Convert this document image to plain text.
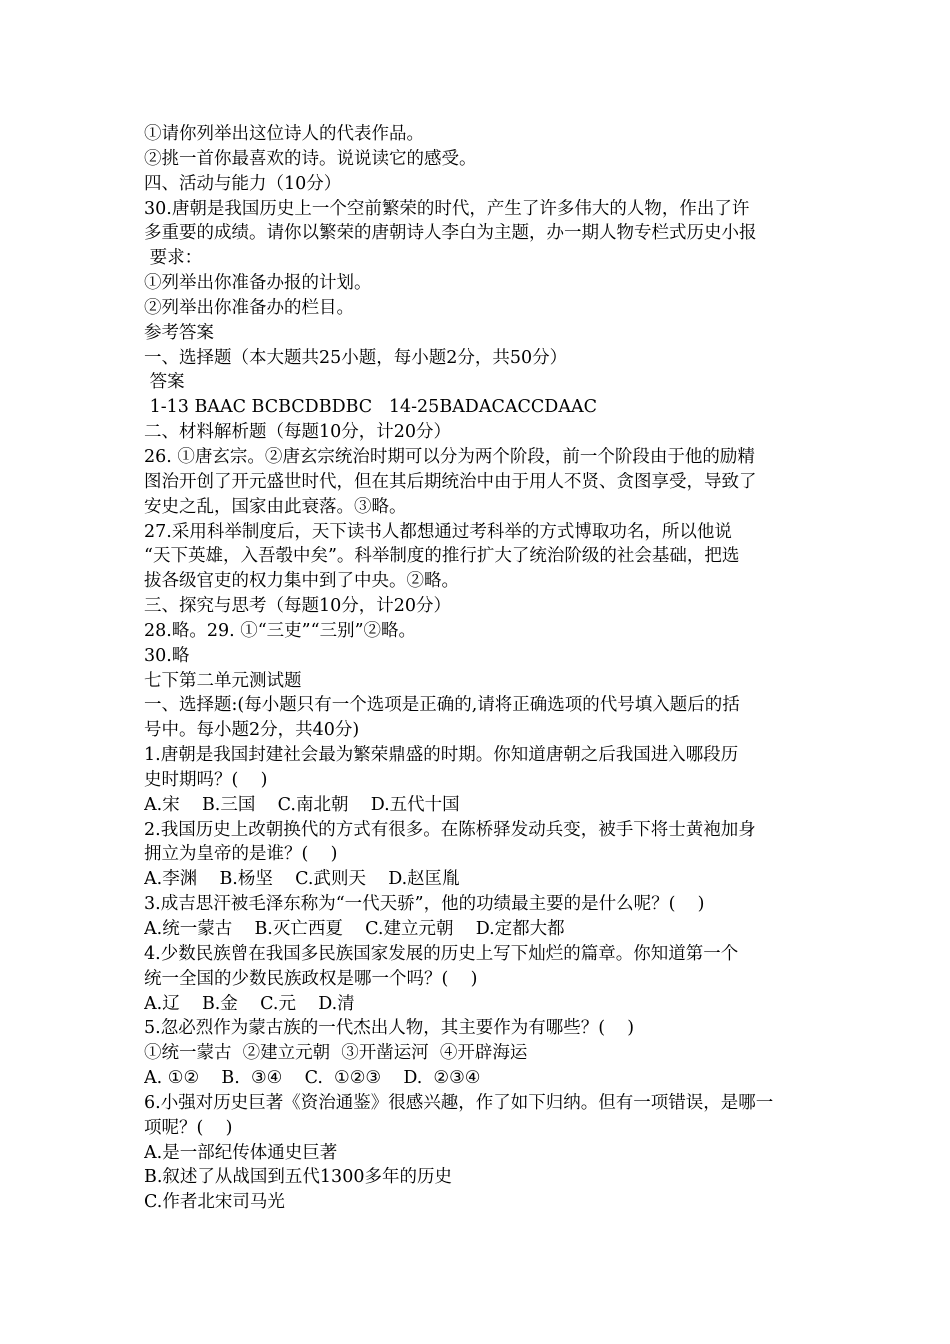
①请你列举出这位诗人的代表作品。
②挑一首你最喜欢的诗。说说读它的感受。
四、活动与能力（10分）
30.唐朝是我国历史上一个空前繁荣的时代，产生了许多伟大的人物，作出了许
多重要的成绩。请你以繁荣的唐朝诗人李白为主题，办一期人物专栏式历史小报
要求：
①列举出你准备办报的计划。
②列举出你准备办的栏目。
参考答案
一、选择题（本大题共25小题，每小题2分，共50分）
答案
1-13 BAAC BCBCDBDBC   14-25BADACACCDAAC
二、材料解析题（每题10分，计20分）
26. ①唐玄宗。②唐玄宗统治时期可以分为两个阶段，前一个阶段由于他的励精
图治开创了开元盛世时代，但在其后期统治中由于用人不贤、贪图享受，导致了
安史之乱，国家由此衰落。③略。
27.采用科举制度后，天下读书人都想通过考科举的方式博取功名，所以他说
“天下英雄，入吾彀中矣”。科举制度的推行扩大了统治阶级的社会基础，把选
拔各级官吏的权力集中到了中央。②略。
三、探究与思考（每题10分，计20分）
28.略。29. ①“三吏”“三别”②略。
30.略
七下第二单元测试题
一、选择题:(每小题只有一个选项是正确的,请将正确选项的代号填入题后的括
号中。每小题2分，共40分)
1.唐朝是我国封建社会最为繁荣鼎盛的时期。你知道唐朝之后我国进入哪段历
史时期吗？(    )
A.宋    B.三国    C.南北朝    D.五代十国
2.我国历史上改朝换代的方式有很多。在陈桥驿发动兵变，被手下将士黄袍加身
拥立为皇帝的是谁？(    )
A.李渊    B.杨坚    C.武则天    D.赵匡胤
3.成吉思汗被毛泽东称为“一代天骄”，他的功绩最主要的是什么呢？(    )
A.统一蒙古    B.灭亡西夏    C.建立元朝    D.定都大都
4.少数民族曾在我国多民族国家发展的历史上写下灿烂的篇章。你知道第一个
统一全国的少数民族政权是哪一个吗？(    )
A.辽    B.金    C.元    D.清
5.忽必烈作为蒙古族的一代杰出人物，其主要作为有哪些？(    )
①统一蒙古  ②建立元朝  ③开凿运河  ④开辟海运
A. ①②    B.  ③④    C.  ①②③    D.  ②③④
6.小强对历史巨著《资治通鉴》很感兴趣，作了如下归纳。但有一项错误，是哪一
项呢？(    )
A.是一部纪传体通史巨著
B.叙述了从战国到五代1300多年的历史
C.作者北宋司马光
